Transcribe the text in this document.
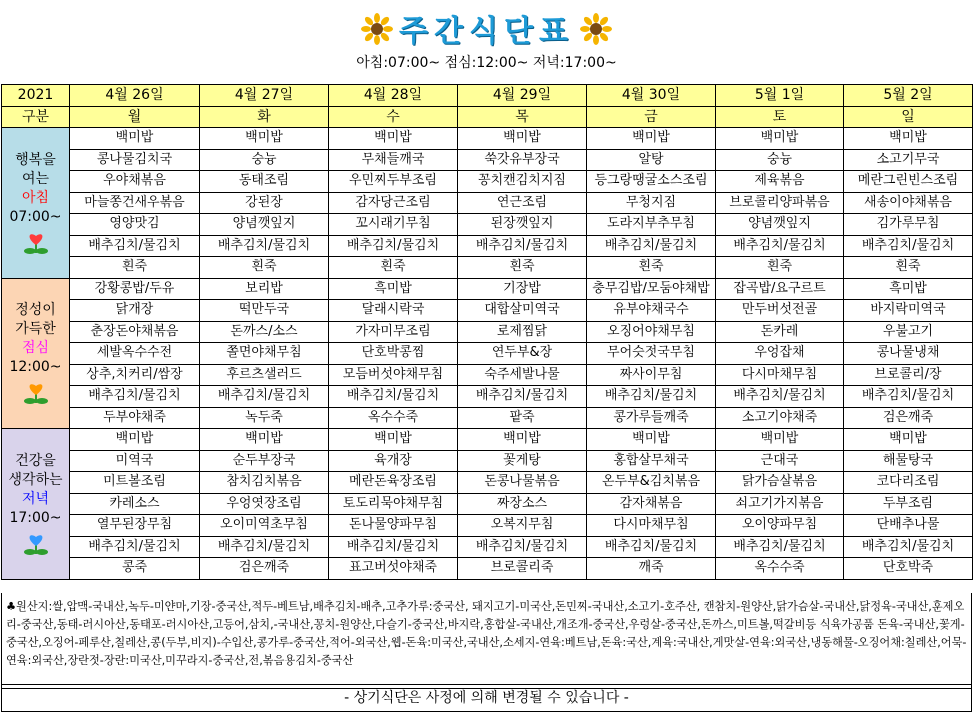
주간식단표
아침:07:00~ 점심:12:00~ 저녁:17:00~
2021	4월 26일	4월 27일	4월 28일	4월 29일	4월 30일	5월 1일	5월 2일
구분	월	화	수	목	금	토	일

행복을
여는
아침
07:00~	백미밥	백미밥	백미밥	백미밥	백미밥	백미밥	백미밥
	콩나물김치국	숭늉	무채들깨국	쑥갓유부장국	알탕	숭늉	소고기무국
	우야채볶음	동태조림	우민찌두부조림	꽁치캔김치지짐	등그랑땡굴소스조림	제육볶음	메란그린빈스조림
	마늘쫑건새우볶음	강된장	감자당근조림	연근조림	무청지짐	브로콜리양파볶음	새송이야채볶음
	영양맛김	양념깻잎지	꼬시래기무침	된장깻잎지	도라지부추무침	양념깻잎지	김가루무침
	배추김치/물김치	배추김치/물김치	배추김치/물김치	배추김치/물김치	배추김치/물김치	배추김치/물김치	배추김치/물김치
	흰죽	흰죽	흰죽	흰죽	흰죽	흰죽	흰죽

정성이
가득한
점심
12:00~	강황콩밥/두유	보리밥	흑미밥	기장밥	충무김밥/모둠야채밥	잡곡밥/요구르트	흑미밥
	닭개장	떡만두국	달래시락국	대합살미역국	유부야채국수	만두버섯전골	바지락미역국
	춘장돈야채볶음	돈까스/소스	가자미무조림	로제찜닭	오징어야채무침	돈카레	우불고기
	세발옥수수전	쫄면야채무침	단호박콩찜	연두부&장	무어슷젓국무침	우엉잡채	콩나물냉채
	상추,치커리/쌈장	후르츠샐러드	모듬버섯야채무침	숙주세발나물	짜사이무침	다시마채무침	브로콜리/장
	배추김치/물김치	배추김치/물김치	배추김치/물김치	배추김치/물김치	배추김치/물김치	배추김치/물김치	배추김치/물김치
	두부야채죽	녹두죽	옥수수죽	팥죽	콩가루들깨죽	소고기야채죽	검은깨죽

건강을
생각하는
저녁
17:00~	백미밥	백미밥	백미밥	백미밥	백미밥	백미밥	백미밥
	미역국	순두부장국	육개장	꽃게탕	홍합살무채국	근대국	해물탕국
	미트볼조림	참치김치볶음	메란돈육장조림	돈콩나물볶음	온두부&김치볶음	닭가슴살볶음	코다리조림
	카레소스	우엉엿장조림	토도리묵야채무침	짜장소스	감자채볶음	쇠고기가지볶음	두부조림
	열무된장무침	오이미역초무침	돈나물양파무침	오복지무침	다시마채무침	오이양파무침	단배추나물
	배추김치/물김치	배추김치/물김치	배추김치/물김치	배추김치/물김치	배추김치/물김치	배추김치/물김치	배추김치/물김치
	콩죽	검은깨죽	표고버섯야채죽	브로콜리죽	깨죽	옥수수죽	단호박죽
♣원산지:쌀,압맥-국내산,녹두-미얀마,기장-중국산,적두-베트남,배추김치-배추,고추가루:중국산, 돼지고기-미국산,돈민찌-국내산,소고기-호주산, 캔참치-원양산,닭가슴살-국내산,닭정육-국내산,훈제오리-중국산,동태-러시아산,동태포-러시아산,고등어,삼치,-국내산,꽁치-원양산,다슬기-중국산,바지락,홍합살-국내산,개조개-중국산,우렁살-중국산,돈까스,미트볼,떡갈비등 식육가공품 돈육-국내산,꽃게-중국산,오징어-페루산,칠레산,콩(두부,비지)-수입산,콩가루-중국산,적어-외국산,웹-돈육:미국산,국내산,소세지-연육:베트남,돈육:국산,계육:국내산,게맛살-연육:외국산,냉동해물-오징어채:칠레산,어묵-연육:외국산,장란젓-장란:미국산,미꾸라지-중국산,전,볶음용김치-중국산
- 상기식단은 사정에 의해 변경될 수 있습니다 -
